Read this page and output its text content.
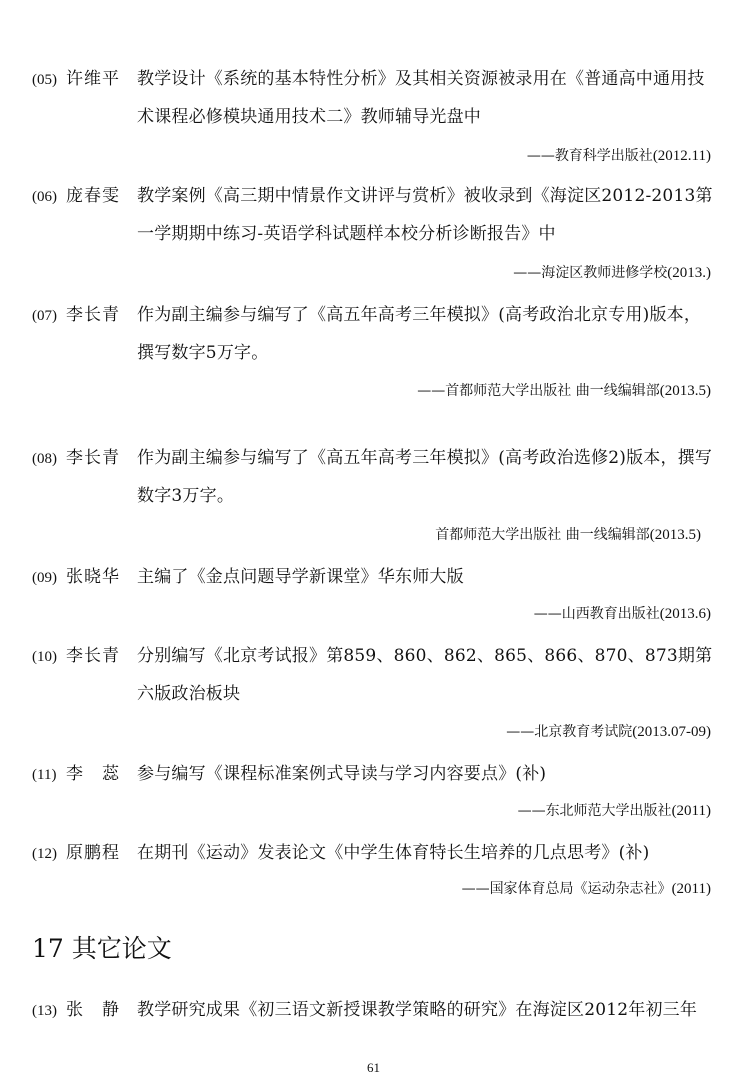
(05) 许维平 教学设计《系统的基本特性分析》及其相关资源被录用在《普通高中通用技术课程必修模块通用技术二》教师辅导光盘中
——教育科学出版社(2012.11)
(06) 庞春雯 教学案例《高三期中情景作文讲评与赏析》被收录到《海淀区2012-2013第一学期期中练习-英语学科试题样本校分析诊断报告》中
——海淀区教师进修学校(2013.)
(07) 李长青 作为副主编参与编写了《高五年高考三年模拟》(高考政治北京专用)版本，撰写数字5万字。
——首都师范大学出版社 曲一线编辑部(2013.5)
(08) 李长青 作为副主编参与编写了《高五年高考三年模拟》(高考政治选修2)版本，撰写数字3万字。
首都师范大学出版社 曲一线编辑部(2013.5)
(09) 张晓华 主编了《金点问题导学新课堂》华东师大版
——山西教育出版社(2013.6)
(10) 李长青 分别编写《北京考试报》第859、860、862、865、866、870、873期第六版政治板块
——北京教育考试院(2013.07-09)
(11) 李　蕊 参与编写《课程标准案例式导读与学习内容要点》(补)
——东北师范大学出版社(2011)
(12) 原鹏程 在期刊《运动》发表论文《中学生体育特长生培养的几点思考》(补)
——国家体育总局《运动杂志社》(2011)
17 其它论文
(13) 张　静 教学研究成果《初三语文新授课教学策略的研究》在海淀区2012年初三年
61
